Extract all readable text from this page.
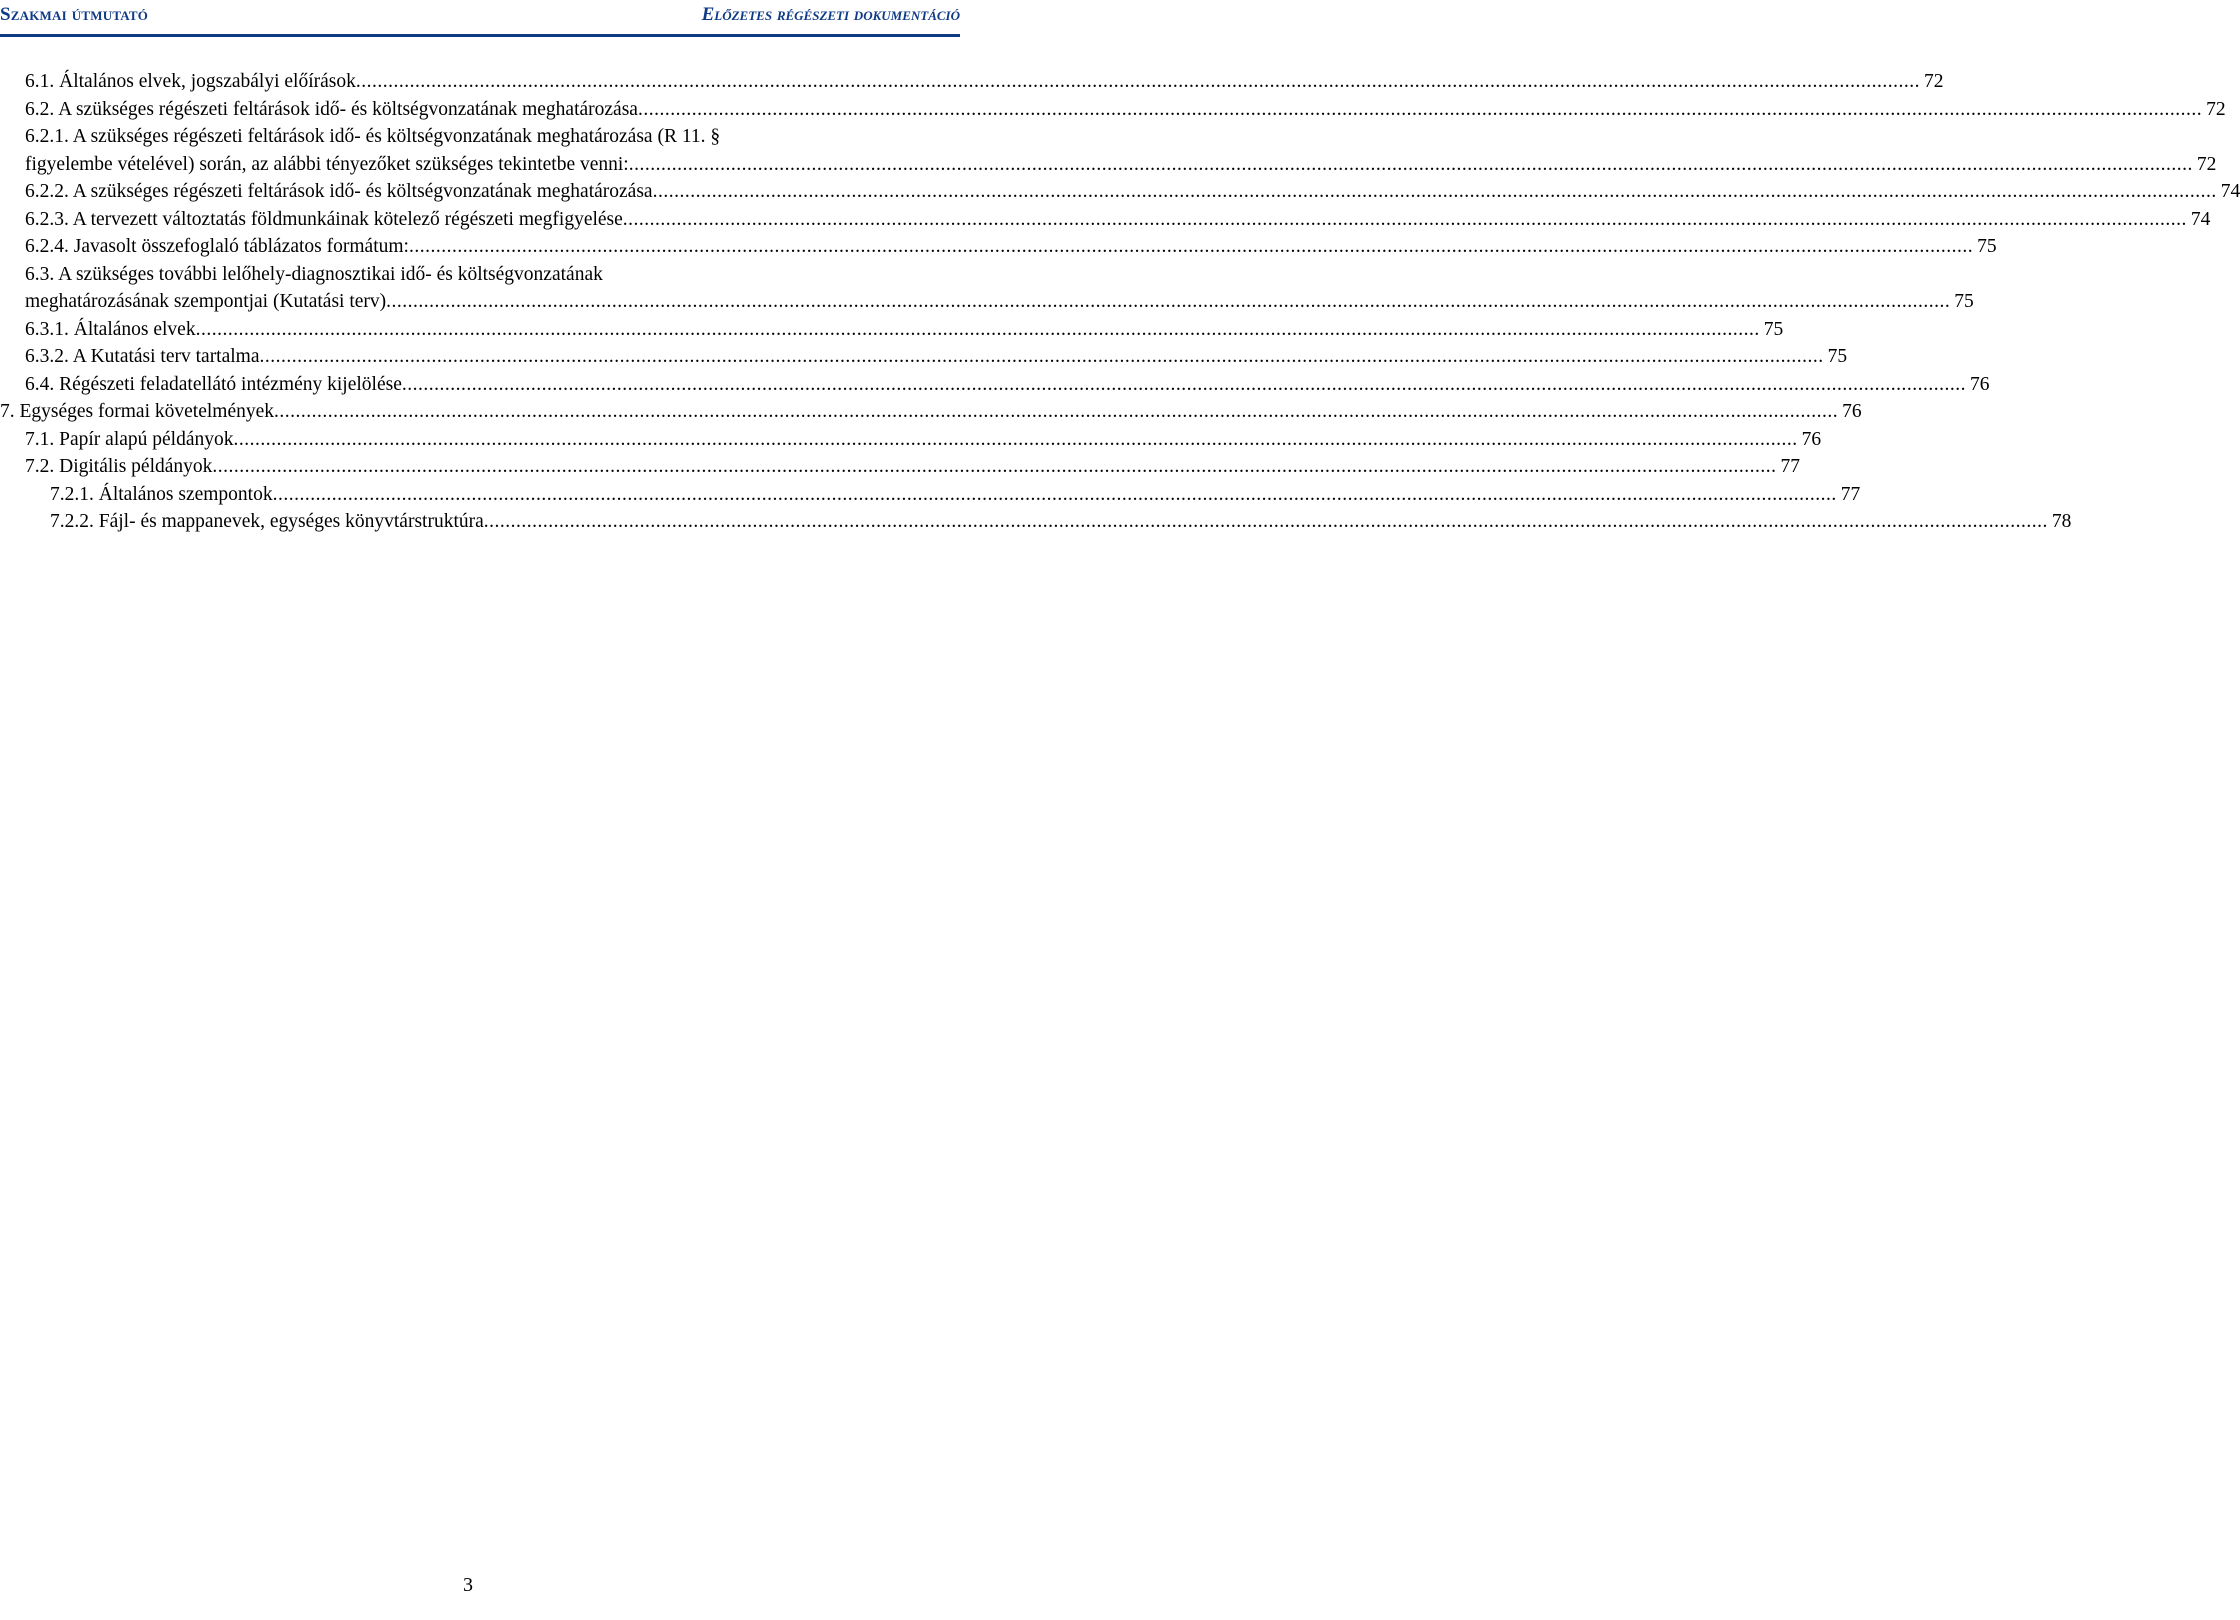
Szakmai útmutató	Előzetes régészeti dokumentáció
6.1. Általános elvek, jogszabályi előírások ................................................................................................................................................................................................................................................................................................... 72
6.2. A szükséges régészeti feltárások idő- és költségvonzatának meghatározása ................................................................................................................................................................................................................................................................................................... 72
6.2.1. A szükséges régészeti feltárások idő- és költségvonzatának meghatározása (R 11. §
figyelembe vételével) során, az alábbi tényezőket szükséges tekintetbe venni: ................................................................................................................................................................................................................................................................................................... 72
6.2.2. A szükséges régészeti feltárások idő- és költségvonzatának meghatározása ................................................................................................................................................................................................................................................................................................... 74
6.2.3. A tervezett változtatás földmunkáinak kötelező régészeti megfigyelése ................................................................................................................................................................................................................................................................................................... 74
6.2.4. Javasolt összefoglaló táblázatos formátum: ................................................................................................................................................................................................................................................................................................... 75
6.3. A szükséges további lelőhely-diagnosztikai idő- és költségvonzatának
meghatározásának szempontjai (Kutatási terv) ................................................................................................................................................................................................................................................................................................... 75
6.3.1. Általános elvek ................................................................................................................................................................................................................................................................................................... 75
6.3.2. A Kutatási terv tartalma ................................................................................................................................................................................................................................................................................................... 75
6.4. Régészeti feladatellátó intézmény kijelölése ................................................................................................................................................................................................................................................................................................... 76
7. Egységes formai követelmények ................................................................................................................................................................................................................................................................................................... 76
7.1. Papír alapú példányok ................................................................................................................................................................................................................................................................................................... 76
7.2. Digitális példányok ................................................................................................................................................................................................................................................................................................... 77
7.2.1. Általános szempontok ................................................................................................................................................................................................................................................................................................... 77
7.2.2. Fájl- és mappanevek, egységes könyvtárstruktúra ................................................................................................................................................................................................................................................................................................... 78
3
